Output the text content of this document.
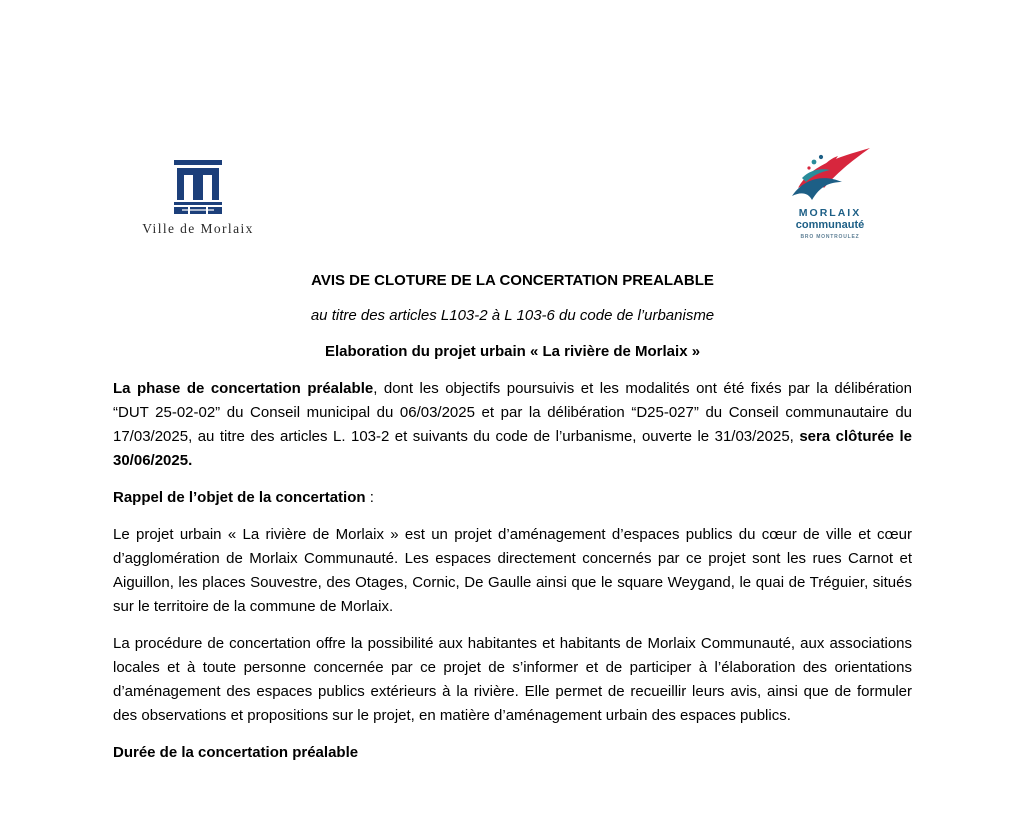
Ville de Morlaix
MORLAIX
communauté
BRO MONTROULEZ
AVIS DE CLOTURE DE LA CONCERTATION PREALABLE
au titre des articles L103-2 à L 103-6 du code de l’urbanisme
Elaboration du projet urbain « La rivière de Morlaix »

La phase de concertation préalable, dont les objectifs poursuivis et les modalités ont été fixés par la délibération “DUT 25-02-02” du Conseil municipal du 06/03/2025 et par la délibération “D25-027” du Conseil communautaire du 17/03/2025, au titre des articles L. 103-2 et suivants du code de l’urbanisme, ouverte le 31/03/2025, sera clôturée le 30/06/2025.

Rappel de l’objet de la concertation :

Le projet urbain « La rivière de Morlaix » est un projet d’aménagement d’espaces publics du cœur de ville et cœur d’agglomération de Morlaix Communauté. Les espaces directement concernés par ce projet sont les rues Carnot et Aiguillon, les places Souvestre, des Otages, Cornic, De Gaulle ainsi que le square Weygand, le quai de Tréguier, situés sur le territoire de la commune de Morlaix.

La procédure de concertation offre la possibilité aux habitantes et habitants de Morlaix Communauté, aux associations locales et à toute personne concernée par ce projet de s’informer et de participer à l’élaboration des orientations d’aménagement des espaces publics extérieurs à la rivière. Elle permet de recueillir leurs avis, ainsi que de formuler des observations et propositions sur le projet, en matière d’aménagement urbain des espaces publics.

Durée de la concertation préalable
